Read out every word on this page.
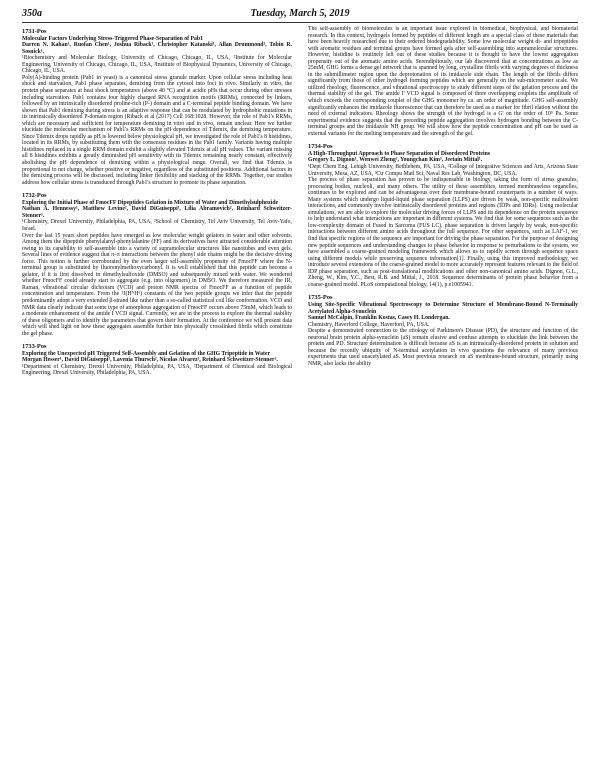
350a	Tuesday, March 5, 2019
1731-Pos
Molecular Factors Underlying Stress-Triggered Phase-Separation of Pab1
Darren N. Kahan¹, Ruofan Chen¹, Joshua Riback¹, Christopher Katanski¹, Allan Drummond¹, Tobin R. Sosnick¹.
¹Biochemistry and Molecular Biology, University of Chicago, Chicago, IL, USA, ²Institute for Molecular Engineering, University of Chicago, Chicago, IL, USA, ³Institute of Biophysical Dynamics, University of Chicago, Chicago, IL, USA.

Poly(A)-binding protein (Pab1 in yeast) is a canonical stress granule marker. Upon cellular stress including heat shock and starvation, Pab1 phase separates, demixing from the cytosol into foci in vivo. Similarly in vitro, the protein phase separates at heat shock temperatures (above 40 °C) and at acidic pHs that occur during other stresses including starvation. Pab1 contains four highly charged RNA recognition motifs (RRMs), connected by linkers, followed by an intrinsically disordered proline-rich (P-) domain and a C-terminal peptide binding domain. We have shown that Pab1 demixing during stress is an adaptive response that can be modulated by hydrophobic mutations in its intrinsically disordered P-domain region (Riback et al (2017) Cell 168:1028. However, the role of Pab1's RRMs, which are necessary and sufficient for temperature demixing in vitro and in vivo, remain unclear. Here we further elucidate the molecular mechanism of Pab1's RRMs on the pH dependence of Tdemix, the demixing temperature. Since Tdemix drops rapidly as pH is lowered below physiological pH, we investigated the role of Pab1's 8 histidines, located in its RRMs, by substituting them with the consensus residues in the Pab1 family. Variants having multiple histidines replaced in a single RRM domain exhibit a slightly elevated Tdemix at all pH values. The variant missing all 8 histidines exhibits a greatly diminished pH sensitivity with its Tdemix remaining nearly constant, effectively abolishing the pH dependence of demixing within a physiological range. Overall, we find that Tdemix is proportional to net charge, whether positive or negative, regardless of the substituted positions. Additional factors in the demixing process will be discussed, including linker flexibility and stacking of the RRMs. Together, our studies address how cellular stress is transduced through Pab1's structure to promote its phase separation.

1732-Pos
Exploring the Initial Phase of FmocFF Dipeptides Gelation in Mixture of Water and Dimethylsulphoxide
Nathan A. Hennessy¹, Matthew Levine², David DiGuiseppi¹, Lilia Abramovich², Reinhard Schweitzer-Stenner¹.
¹Chemistry, Drexel University, Philadelphia, PA, USA, ²School of Chemistry, Tel Aviv University, Tel Aviv-Yafo, Israel.

Over the last 15 years short peptides have emerged as low molecular weight gelators in water and other solvents. Among them the dipeptide phenylalanyl-phenylalanine (FF) and its derivatives have attracted considerable attention owing to its capability to self-assemble into a variety of supramolecular structures like nanotubes and even gels. Several lines of evidence suggest that π–π interactions between the phenyl side chains might be the decisive driving force. This notion is further corroborated by the even larger self-assembly propensity of FmocFF where the N-terminal group is substituted by fluorenylmethoxycarbonyl. It is well established that this peptide can become a gelator, if it is first dissolved in dimethylsulfoxide (DMSO) and subsequently mixed with water. We wondered whether FmocFF could already start to aggregate (e.g. into oligomers) in DMSO. We therefore measured the IR, Raman, vibrational circular dichroism (VCD) and proton NMR spectra of FmocFF as a function of peptide concentration and temperature. From the ³J(HᴺHᵅ) constants of the two peptide groups we infer that the peptide predominantly adopt a very extended β-strand like rather than a so-called statistical coil like conformation. VCD and NMR data clearly indicate that some type of amorphous aggregation of FmocFF occurs above 75mM, which leads to a moderate enhancement of the amide I VCD signal. Currently, we are in the process to explore the thermal stability of these oligomers and to identify the parameters that govern their formation. At the conference we will present data which will shed light on how these aggregates assemble further into physically crosslinked fibrils which constitute the gel phase.

1733-Pos
Exploring the Unexpected pH Triggered Self-Assembly and Gelation of the GHG Tripeptide in Water
Morgan Hesser¹, David DiGuiseppi¹, Lavenia Thursch², Nicolas Alvarez², Reinhard Schweitzer-Stenner¹.
¹Department of Chemistry, Drexel University, Philadelphia, PA, USA, ²Department of Chemical and Biological Engineering, Drexel University, Philadelphia, PA, USA.

The self-assembly of biomolecules is an important issue explored in biomedical, biophysical, and biomaterial research. In this context, hydrogels formed by peptides of different length are a special class of these materials that have been heavily researched due to their ordered biodegradability. Some low molecular weight di- and tripeptides with aromatic residues and terminal groups have formed gels after self-assembling into supramolecular structures. However, histidine is routinely left out of these studies because it is thought to have the lowest aggregation propensity out of the aromatic amino acids. Serendipitously, our lab discovered that at concentrations as low as 25mM, GHG forms a dense gel network that is spanned by long, crystalline fibrils with varying degrees of thickness in the submillimeter region upon the deprotonation of its imidazole side chain. The length of the fibrils differs significantly from those of other hydrogel forming peptides which are generally on the sub-micrometer scale. We utilized rheology, fluorescence, and vibrational spectroscopy to study different steps of the gelation process and the thermal stability of the gel. The amide I' VCD signal is composed of three overlapping couplets the amplitude of which exceeds the corresponding couplet of the GHG monomer by ca. an order of magnitude. GHG self-assembly significantly enhances the imidazole fluorescence that can therefore be used as a marker for fibril elation without the need of external indicators. Rheology shows the strength of the hydrogel is a G' on the order of 10⁵ Pa. Some experimental evidence suggests that the preceding peptide aggregation involves hydrogen bonding between the C-terminal groups and the imidazole NH group. We will show how the peptide concentration and pH can be used as external variants for the melting temperature and the strength of the gel.

1734-Pos
A High-Throughput Approach to Phase Separation of Disordered Proteins
Gregory L. Dignon¹, Wenwei Zheng², Youngchan Kim³, Jeetain Mittal¹.
¹Dept Chem Eng, Lehigh University, Bethlehem, PA, USA, ²College of Integrative Sciences and Arts, Arizona State University, Mesa, AZ, USA, ³Ctr Compu Matl Sci, Naval Res Lab, Washington, DC, USA.

The process of phase separation has proven to be indispensable in biology, taking the form of stress granules, processing bodies, nucleoli, and many others. The utility of these assemblies, termed membraneless organelles, continues to be explored and can be advantageous over their membrane-bound counterparts in a number of ways. Many systems which undergo liquid-liquid phase separation (LLPS) are driven by weak, non-specific multivalent interactions, and commonly involve intrinsically disordered proteins and regions (IDPs and IDRs). Using molecular simulations, we are able to explore the molecular driving forces of LLPS and its dependence on the protein sequence to help understand what interactions are important in different systems. We find that for some sequences such as the low-complexity domain of Fused in Sarcoma (FUS LC), phase separation is driven largely by weak, non-specific interactions between different amino acids throughout the full sequence. For other sequences, such as LAF-1, we find that specific regions of the sequence are important for driving the phase separation. For the purpose of designing new peptide sequences and understanding changes to phase behavior in response to perturbations to the system, we have assembled a coarse-grained modeling framework which allows us to rapidly screen through sequence space using different models while preserving sequence information[1]. Finally, using this improved methodology, we introduce several extensions of the coarse-grained model to more accurately represent features relevant to the field of IDP phase separation, such as post-translational modifications and other non-canonical amino acids. Dignon, G.L., Zheng, W., Kim, Y.C., Best, R.B. and Mittal, J., 2018. Sequence determinants of protein phase behavior from a coarse-grained model. PLoS computational biology, 14(1), p.e1005941.

1735-Pos
Using Site-Specific Vibrational Spectroscopy to Determine Structure of Membrane-Bound N-Terminally Acetylated Alpha-Synuclein
Samuel McCalpin, Franklin Kostas, Casey H. Londergan.
Chemistry, Haverford College, Haverford, PA, USA.

Despite a demonstrated connection to the etiology of Parkinson's Disease (PD), the structure and function of the neuronal brain protein alpha-synuclein (aS) remain elusive and confuse attempts to elucidate the link between the protein and PD. Structure determination is difficult because aS is an intrinsically-disordered protein in solution and because the recently ubiquity of N-terminal acetylation in vivo questions the relevance of many previous experiments that used unacetylated aS. Most previous research on aS membrane-bound structure, primarily using NMR, also lacks the ability
